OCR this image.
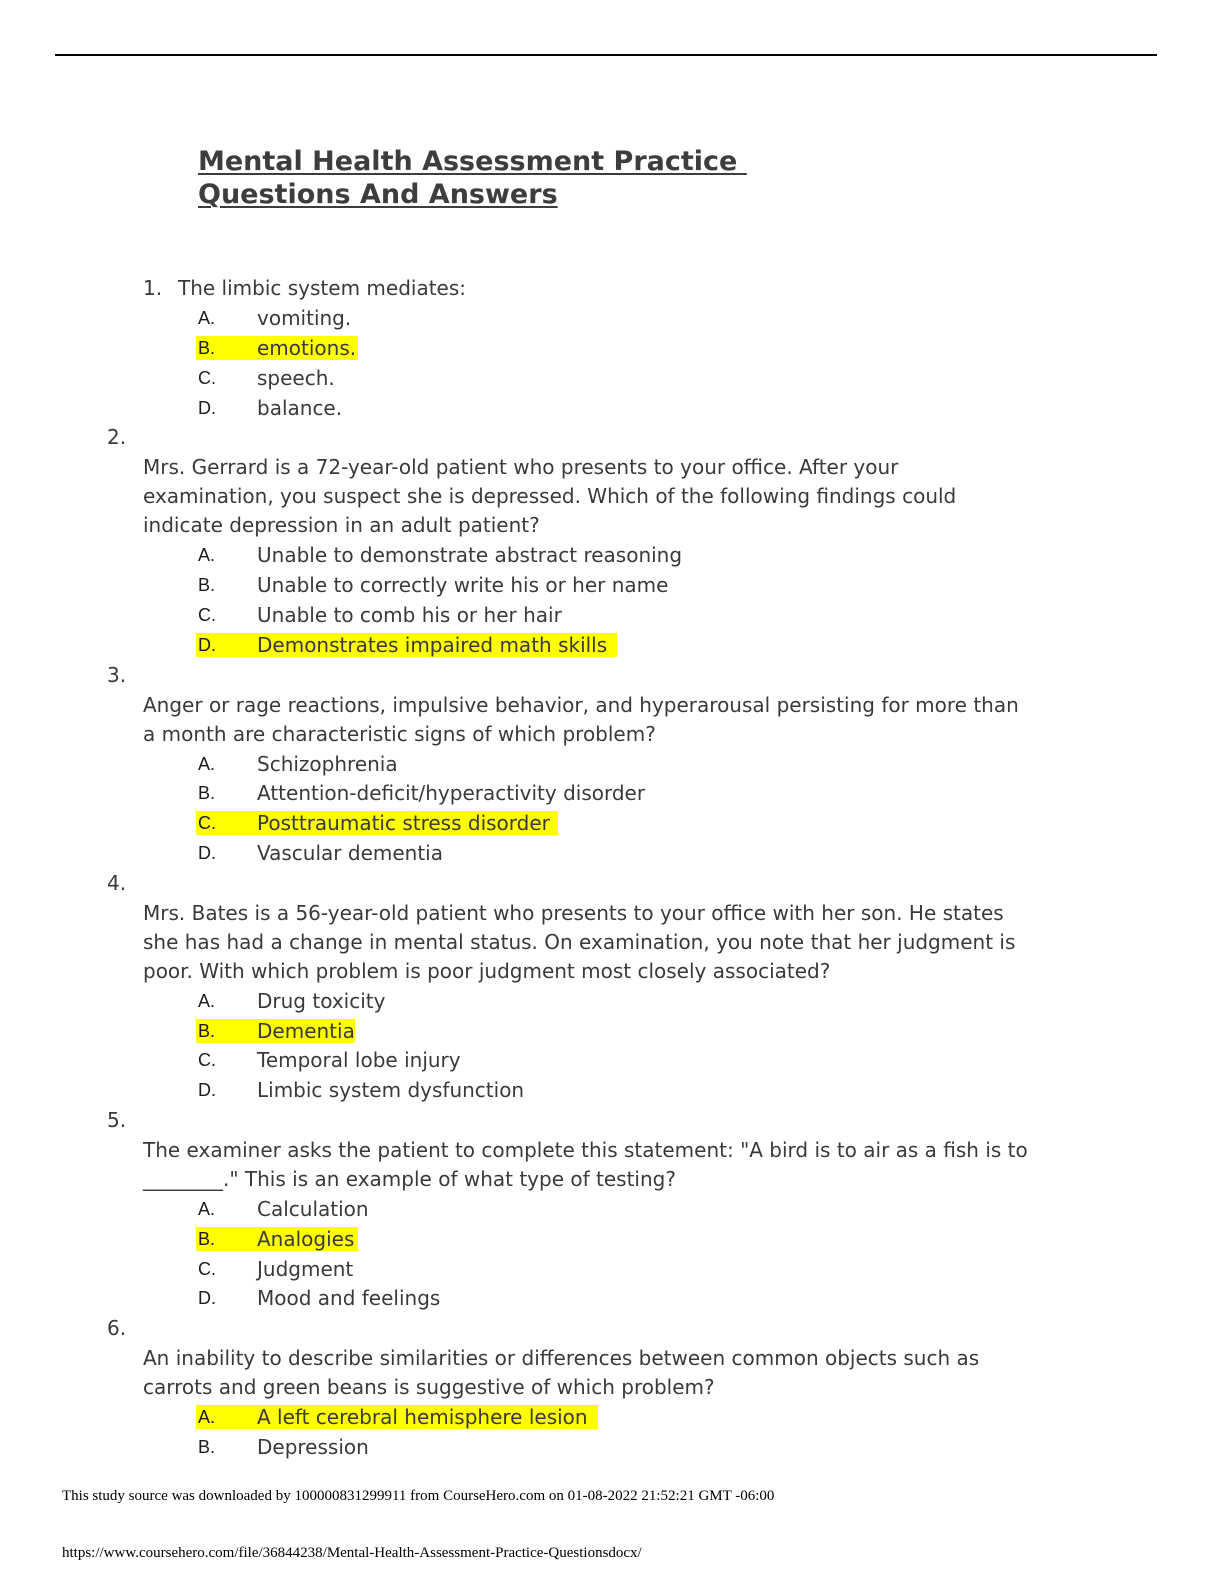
Mental Health Assessment Practice
Questions And Answers
1. The limbic system mediates:
A. vomiting.
B. emotions.
C. speech.
D. balance.
2.
Mrs. Gerrard is a 72-year-old patient who presents to your office. After your
examination, you suspect she is depressed. Which of the following findings could
indicate depression in an adult patient?
A. Unable to demonstrate abstract reasoning
B. Unable to correctly write his or her name
C. Unable to comb his or her hair
D. Demonstrates impaired math skills
3.
Anger or rage reactions, impulsive behavior, and hyperarousal persisting for more than
a month are characteristic signs of which problem?
A. Schizophrenia
B. Attention-deficit/hyperactivity disorder
C. Posttraumatic stress disorder
D. Vascular dementia
4.
Mrs. Bates is a 56-year-old patient who presents to your office with her son. He states
she has had a change in mental status. On examination, you note that her judgment is
poor. With which problem is poor judgment most closely associated?
A. Drug toxicity
B. Dementia
C. Temporal lobe injury
D. Limbic system dysfunction
5.
The examiner asks the patient to complete this statement: "A bird is to air as a fish is to
________." This is an example of what type of testing?
A. Calculation
B. Analogies
C. Judgment
D. Mood and feelings
6.
An inability to describe similarities or differences between common objects such as
carrots and green beans is suggestive of which problem?
A. A left cerebral hemisphere lesion
B. Depression
This study source was downloaded by 100000831299911 from CourseHero.com on 01-08-2022 21:52:21 GMT -06:00
https://www.coursehero.com/file/36844238/Mental-Health-Assessment-Practice-Questionsdocx/
